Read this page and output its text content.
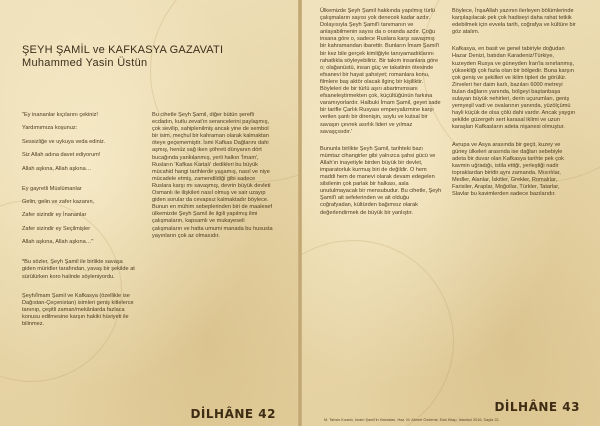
ŞEYH ŞAMİL ve KAFKASYA GAZAVATI
Muhammed Yasin Üstün

"Ey inananlar kıçılarını çekiniz!

Yardımımıza koşunuz:

Sessizliğe ve uykuya veda ediniz.

Siz Allah adına davet ediyorum!

Allah aşkına, Allah aşkına…

Ey gayretli Müslümanlar

Gelin, gelin ve zafer kazanın,

Zafer sizindir ey İnananlar

Zafer sizindir ey Seçilmişler

Allah aşkına, Allah aşkına…"

*Bu sözler, Şeyh Şamil ile birlikte savaşa giden müridler tarafından, yavaş bir şekilde at sürülürken koro halinde söyleniyordu.

Şeyh/İmam Şamil ve Kafkasya (özellikle ise Dağıstan-Çeçenistan) isimleri geniş kitlelerce tanınıp, çeşitli zaman/mekânlarda fazlaca konusu edilmesine karşın hakiki hüviyeti ile bilinmez.

Bu cihetle Şeyh Şamil, diğer bütün şerefli ecdadın, kutlu zevat'ın serancelerini paylaşmış, çok sevilip, sahiplenilmiş ancak yine de sembol bir isim, meçhul bir kahraman olarak kalmaktan öteye geçememiştir. İsmi Kafkas Dağlarını dahi aşmış, henüz sağ iken şöhreti dünyanın dört bucağında yankılanmış, yerli halkın 'İmam', Rusların 'Kafkas Kartalı' dedikleri bu büyük mücahid hangi tarihlerde yaşamış, nasıl ve niye mücadele etmiş, zamendildiği gibi sadece Ruslara karşı mı savaşmış, devrin büyük devleti Osmanlı ile ilişkileri nasıl olmuş ve sair uzayıp giden sorular da cevapsız kalmaktadır böylece. Bunun en mühim sebeplerinden biri de maalesef ülkemizde Şeyh Şamil ile ilgili yapılmış ilmi çalışmaların, kapsamlı ve mukayeseli çalışmaların ve hatta umumi manada bu hususta yayınların çok az olmasıdır.

DİLHÂNE 42

Ülkemizde Şeyh Şamil hakkında yapılmış türlü çalışmaların sayısı yok denecek kadar azdır. Dolayısıyla Şeyh Şamil'i tanımanın ve anlayabilmenin sayısı da o oranda azdır. Çoğu insana göre o, sadece Ruslara karşı savaşmış bir kahramandan ibarettir. Bunların İmam Şamil'i bir kez bile gerçek kimliğiyle tanıyamadıklarını rahatlıkla söyleyebiliriz. Bir takım insanlara göre o; olağanüstü, insan güç ve takatinin ötesinde efsanevi bir hayat şahsiyet; romanlara konu, filmlere baş aktör olacak ilginç bir kişiliktir. Böyleleri de bir türlü aşırı abartmımsanı efsaneleştirmekten çok, küçültüğünün farkına varamıyorlardır. Halbuki İmam Şamil, geyet sade bir tarifle Çarlık Rusyası emperyalizmine karşı verilen şanlı bir direnişin, soylu ve kutsal bir savaşın çevrek asırlık lideri ve yılmaz savaşçısıdır.'

Bununla birlikte Şeyh Şamil, tarihteki bazı mümtaz cihangirler gibi yalnızca şahsi gücü ve Allah'ın inayetiyle birden büyük bir devlet, imparatorluk kurmuş biri de değildir. O hem maddi hem de manevi olarak devam edegelen silsilenin çok parlak bir halkası, asla unutulmayacak bir mensubudur. Bu cihetle, Şeyh Şamil'i ait sefelerinden ve ait olduğu coğrafyadan, kültürden bağımsız olarak değerlendirmek de büyük bir yanlıştır.

Böylece, İnşaAllah yazının ilerleyen bölümlerinde karşılaşılacak pek çok hadiseyi daha rahat tetkik edebilmek için evvela tarih, coğrafya ve kültüre bir göz atalım.

Kafkasya, en basit ve genel tabiriyle doğudan Hazar Denizi, batıdan Karadeniz/Türkiye, kuzeyden Rusya ve güneyden İran'la sınırlanmış, yüksekliği çok fazla olan bir bölgedir. Buna karşın çok geniş ve şekilleri ve iklim tipleri de görülür. Zirveleri her daim karlı, bazıları 6000 metreyi bulan dağların yanında, bölgeyi baştanbaşa sulayan büyük nehirleri, derin uçurumları, geniş yemyeşil vadi ve ovalarının yanında, yüzölçümü hayli küçük de olsa çölü dahi vardır. Ancak yaygın şekilde güzergeh sert karasal iklimi ve uzun karaşları Kafkasların adeta nişanesi olmuştur.

Avrupa ve Asya arasında bir geçit, kuzey ve güney ülkeleri arasında ise dağları sebebiyle adeta bir duvar olan Kafkasya tarihte pek çok kavmin uğradığı, istila ettiği, yerleştiği nadir topraklardan biridir aynı zamanda. Mısırlılar, Medler, Alanlar, İskitler, Grekler, Romalılar, Farisiler, Araplar, Moğollar, Türkler, Tatarlar, Slavlar bu kavimlerden sadece bazılarıdır.

DİLHÂNE 43
M. Tahsin Kızanlı, İmam Şamil'in Hatıraları, Haz. M. Ahmet Özdemir, Eski Kitap, İstanbul 2016, Sayfa 22.
